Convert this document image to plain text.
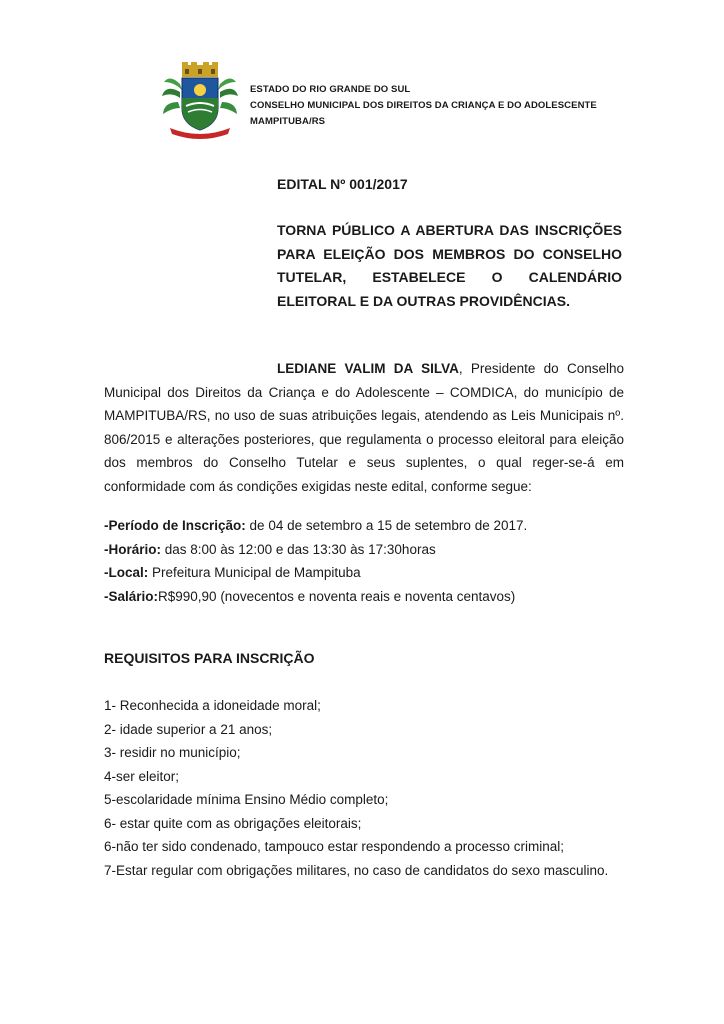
ESTADO DO RIO GRANDE DO SUL
CONSELHO MUNICIPAL DOS DIREITOS DA CRIANÇA E DO ADOLESCENTE
MAMPITUBA/RS
EDITAL Nº 001/2017
TORNA PÚBLICO A ABERTURA DAS INSCRIÇÕES PARA ELEIÇÃO DOS MEMBROS DO CONSELHO TUTELAR, ESTABELECE O CALENDÁRIO ELEITORAL E DA OUTRAS PROVIDÊNCIAS.
LEDIANE VALIM DA SILVA, Presidente do Conselho Municipal dos Direitos da Criança e do Adolescente – COMDICA, do município de MAMPITUBA/RS, no uso de suas atribuições legais, atendendo as Leis Municipais nº. 806/2015 e alterações posteriores, que regulamenta o processo eleitoral para eleição dos membros do Conselho Tutelar e seus suplentes, o qual reger-se-á em conformidade com ás condições exigidas neste edital, conforme segue:
-Período de Inscrição: de 04 de setembro a 15 de setembro de 2017.
-Horário: das 8:00 às 12:00 e das 13:30 às 17:30horas
-Local: Prefeitura Municipal de Mampituba
-Salário:R$990,90 (novecentos e noventa reais e noventa centavos)
REQUISITOS PARA INSCRIÇÃO
1- Reconhecida a idoneidade moral;
2- idade superior a 21 anos;
3- residir no município;
4-ser eleitor;
5-escolaridade mínima Ensino Médio completo;
6- estar quite com as obrigações eleitorais;
6-não ter sido condenado, tampouco estar respondendo a processo criminal;
7-Estar regular com obrigações militares, no caso de candidatos do sexo masculino.
